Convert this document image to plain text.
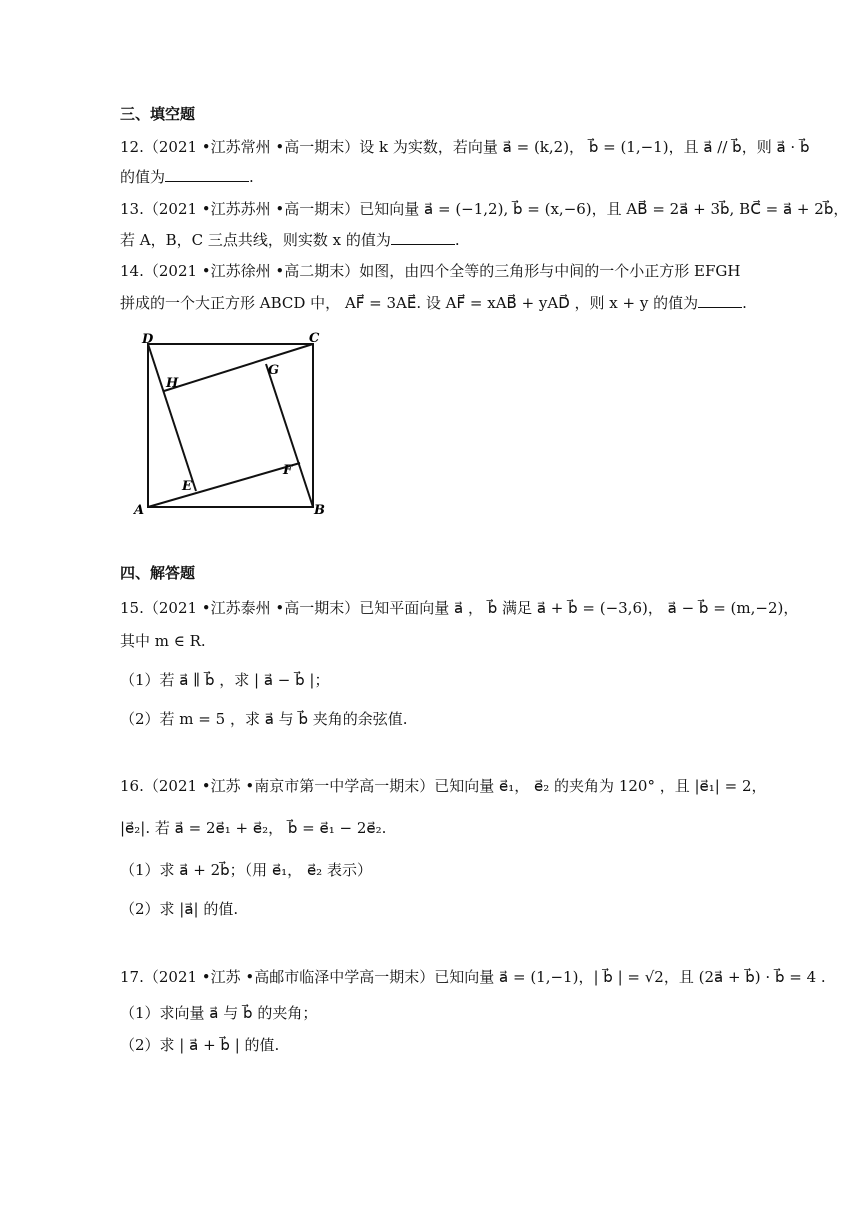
三、填空题
12.（2021 •江苏常州 •高一期末）设 k 为实数，若向量 a⃗ = (k,2)， b⃗ = (1,−1)，且 a⃗ // b⃗，则 a⃗ · b⃗
的值为	.
13.（2021 •江苏苏州 •高一期末）已知向量 a⃗ = (−1,2), b⃗ = (x,−6)，且 AB⃗ = 2a⃗ + 3b⃗, BC⃗ = a⃗ + 2b⃗，
若 A，B，C 三点共线，则实数 x 的值为	.
14.（2021 •江苏徐州 •高二期末）如图，由四个全等的三角形与中间的一个小正方形 EFGH
拼成的一个大正方形 ABCD 中， AF⃗ = 3AE⃗. 设 AF⃗ = xAB⃗ + yAD⃗ ，则 x + y 的值为	.
D	C
H
G
F
E
A	B
四、解答题
15.（2021 •江苏泰州 •高一期末）已知平面向量 a⃗ ， b⃗ 满足 a⃗ + b⃗ = (−3,6)， a⃗ − b⃗ = (m,−2)，
其中 m ∈ R.
（1）若 a⃗ ∥ b⃗ ，求 | a⃗ − b⃗ |；
（2）若 m = 5 ，求 a⃗ 与 b⃗ 夹角的余弦值.
16.（2021 •江苏 •南京市第一中学高一期末）已知向量 e⃗₁， e⃗₂ 的夹角为 120° ，且 |e⃗₁| = 2，
|e⃗₂|. 若 a⃗ = 2e⃗₁ + e⃗₂， b⃗ = e⃗₁ − 2e⃗₂.
（1）求 a⃗ + 2b⃗；（用 e⃗₁， e⃗₂ 表示）
（2）求 |a⃗| 的值.
17.（2021 •江苏 •高邮市临泽中学高一期末）已知向量 a⃗ = (1,−1)，| b⃗ | = √2，且 (2a⃗ + b⃗) · b⃗ = 4 .
（1）求向量 a⃗ 与 b⃗ 的夹角；
（2）求 | a⃗ + b⃗ | 的值.
